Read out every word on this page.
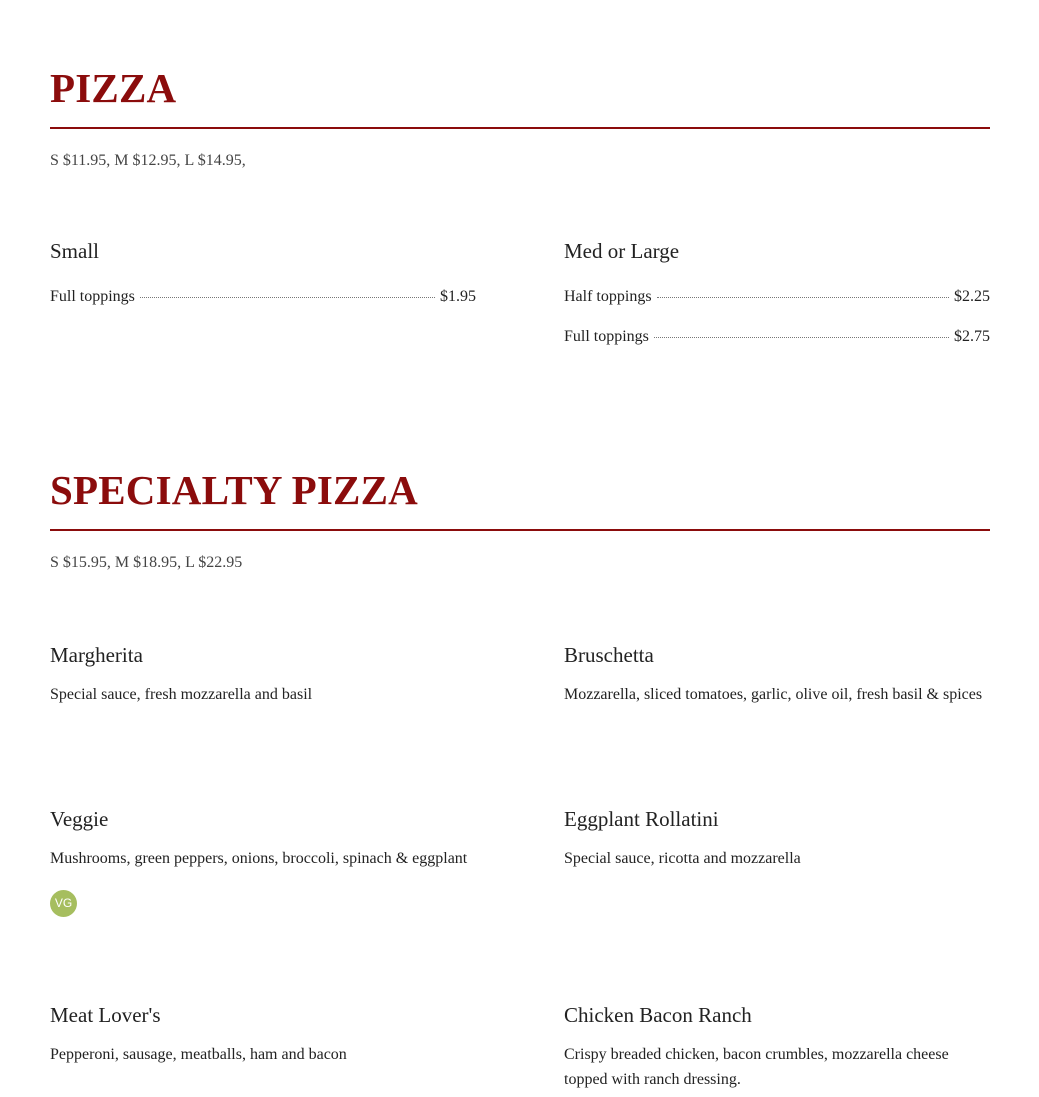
PIZZA
S $11.95, M $12.95, L $14.95,
Small
Full toppings	$1.95
Med or Large
Half toppings	$2.25
Full toppings	$2.75
SPECIALTY PIZZA
S $15.95, M $18.95, L $22.95
Margherita
Special sauce, fresh mozzarella and basil
Bruschetta
Mozzarella, sliced tomatoes, garlic, olive oil, fresh basil & spices
Veggie
Mushrooms, green peppers, onions, broccoli, spinach & eggplant
VG
Eggplant Rollatini
Special sauce, ricotta and mozzarella
Meat Lover's
Pepperoni, sausage, meatballs, ham and bacon
Chicken Bacon Ranch
Crispy breaded chicken, bacon crumbles, mozzarella cheese topped with ranch dressing.
